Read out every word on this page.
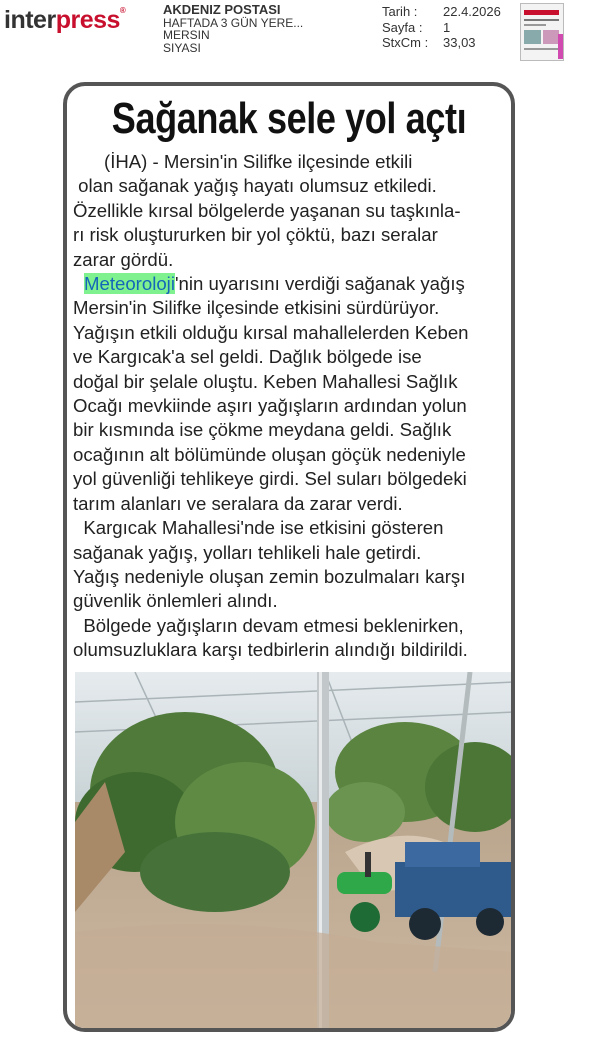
interpress®	AKDENIZ POSTASI
HAFTADA 3 GÜN YERE...
MERSIN
SIYASI
Tarih :	22.4.2026
Sayfa :	1
StxCm :	33,03
Sağanak sele yol açtı

(İHA) - Mersin'in Silifke ilçesinde etkili

olan sağanak yağış hayatı olumsuz etkiledi.

Özellikle kırsal bölgelerde yaşanan su taşkınla-

rı risk oluştururken bir yol çöktü, bazı seralar

zarar gördü.

Meteoroloji'nin uyarısını verdiği sağanak yağış

Mersin'in Silifke ilçesinde etkisini sürdürüyor.

Yağışın etkili olduğu kırsal mahallelerden Keben

ve Kargıcak'a sel geldi. Dağlık bölgede ise

doğal bir şelale oluştu. Keben Mahallesi Sağlık

Ocağı mevkiinde aşırı yağışların ardından yolun

bir kısmında ise çökme meydana geldi. Sağlık

ocağının alt bölümünde oluşan göçük nedeniyle

yol güvenliği tehlikeye girdi. Sel suları bölgedeki

tarım alanları ve seralara da zarar verdi.

Kargıcak Mahallesi'nde ise etkisini gösteren

sağanak yağış, yolları tehlikeli hale getirdi.

Yağış nedeniyle oluşan zemin bozulmaları karşı

güvenlik önlemleri alındı.

Bölgede yağışların devam etmesi beklenirken,

olumsuzluklara karşı tedbirlerin alındığı bildirildi.
